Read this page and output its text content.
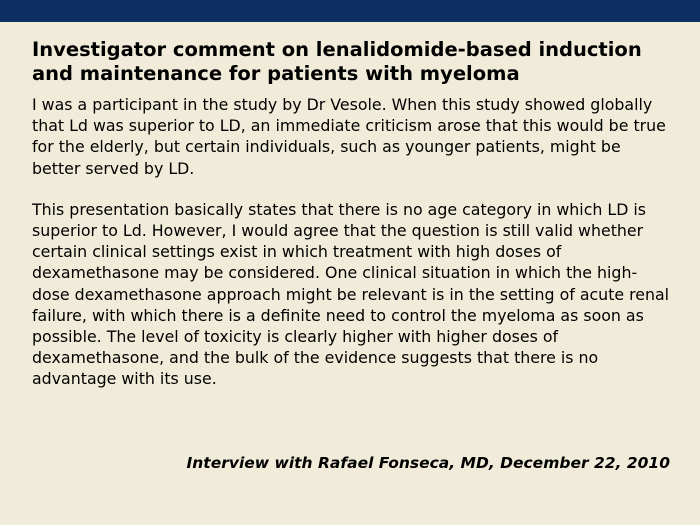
Investigator comment on lenalidomide-based induction and maintenance for patients with myeloma

I was a participant in the study by Dr Vesole. When this study showed globally that Ld was superior to LD, an immediate criticism arose that this would be true for the elderly, but certain individuals, such as younger patients, might be better served by LD.

This presentation basically states that there is no age category in which LD is superior to Ld. However, I would agree that the question is still valid whether certain clinical settings exist in which treatment with high doses of dexamethasone may be considered. One clinical situation in which the high-dose dexamethasone approach might be relevant is in the setting of acute renal failure, with which there is a definite need to control the myeloma as soon as possible. The level of toxicity is clearly higher with higher doses of dexamethasone, and the bulk of the evidence suggests that there is no advantage with its use.

Interview with Rafael Fonseca, MD, December 22, 2010
